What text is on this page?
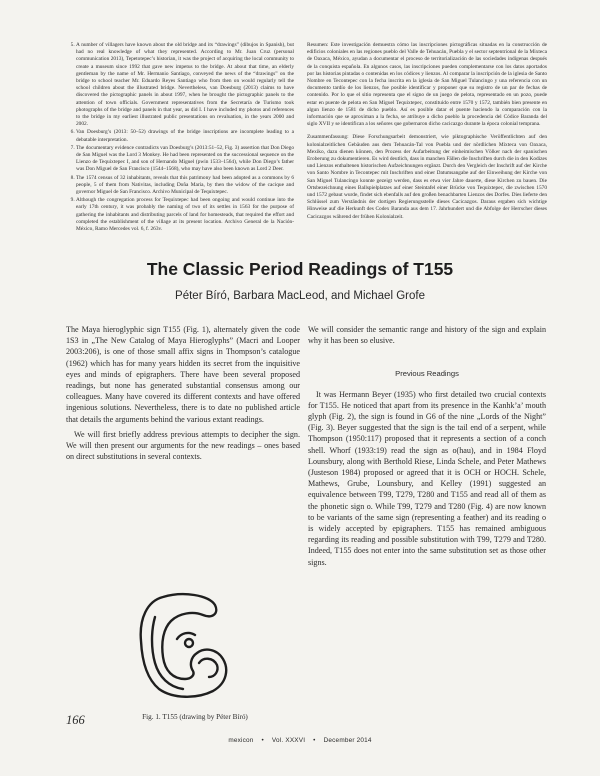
5. A number of villagers have known about the old bridge and its “drawings” (dibujos in Spanish), but had no real knowledge of what they represented. According to Mr. Juan Cruz (personal communication 2013), Tepetotepec’s historian, it was the project of acquiring the local community to create a museum since 1992 that gave new impetus to the bridge. At about that time, an elderly gentleman by the name of Mr. Hermanio Santiago, conveyed the news of the “drawings” on the bridge to school teacher Mr. Eduardo Reyes Santiago who from then on would regularly tell the school children about the illustrated bridge. Nevertheless, van Doesburg (2013) claims to have discovered the pictographic panels in about 1997, when he brought the pictographic panels to the attention of town officials. Government representatives from the Secretaría de Turismo took photographs of the bridge and panels in that year, as did I. I have included my photos and references to the bridge in my earliest illustrated public presentations on revaluation, in the years 2000 and 2002.
6. Van Doesburg’s (2013: 50–52) drawings of the bridge inscriptions are incomplete leading to a debatable interpretation.
7. The documentary evidence contradicts van Doesburg’s (2013:51–52, Fig. 3) assertion that Don Diego de San Miguel was the Lord 3 Monkey. He had been represented on the successional sequence on the Lienzo de Tequixtepec I, and son of Hernando Miguel (pwin 1533–1564), while Don Diego’s father was Don Miguel de San Francisco (1544–1568), who may have also been known as Lord 2 Deer.
8. The 1574 census of 32 inhabitants, reveals that this patrimony had been adopted as a commons by 6 people, 5 of them from Nativitas, including Doña Maria, by then the widow of the cacique and governor Miguel de San Francisco. Archivo Municipal de Tequixtepec.
9. Although the congregation process for Tequixtepec had been ongoing and would continue into the early 17th century, it was probably the naming of two of its settles in 1563 for the purpose of gathering the inhabitants and distributing parcels of land for homesteads, that required the effort and completed the establishment of the village at its present location. Archivo General de la Nación-México, Ramo Mercedes vol. 6, f. 263v.

Resumen: Este investigación demuestra cómo las inscripciones pictográficas situadas en la construcción de edificios coloniales en las regiones pueblo del Valle de Tehuacán, Puebla y el sector septentrional de la Mixteca de Oaxaca, México, ayudan a documentar el proceso de territorialización de las sociedades indígenas después de la conquista española. En algunos casos, las inscripciones pueden complementarse con los datos aportados por las historias pintadas o contenidas en los códices y lienzos. Al comparar la inscripción de la iglesia de Santo Nombre en Tecontepec con la fecha inscrita en la iglesia de San Miguel Tulancingo y una referencia con un documento tardío de los lienzos, fue posible identificar y proponer que su registro de un par de fechas de contenido. Por lo que el sitio representa que el signo de un juego de pelota, representado en un pozo, puede estar en puente de pelota en San Miguel Tequixtepec, constituido entre 1570 y 1572, también bien presente en algun lienzo de 1581 de dicho pueblo. Así es posible datar el puente haciendo la comparación con la información que se aproximan a la fecha, se atribuye a dicho pueblo la procedencia del Códice Baranda del siglo XVII y se identifican a los señores que gobernaron dicho cacicazgo durante la época colonial temprana.

Zusammenfassung: Diese Forschungsarbeit demonstriert, wie piktographische Veröffentlichten auf den kolonialzeitlichen Gebäuden aus dem Tehuacán-Tal von Puebla und der nördlichen Mixteca von Oaxaca, Mexiko, dazu dienen können, den Prozess der Aufarbeitung der einheimischen Völker nach der spanischen Eroberung zu dokumentieren. Es wird deutlich, dass in manchen Fällen die Inschriften durch die in den Kodizes und Lienzos enthaltenen historischen Aufzeichnungen ergänzt. Durch den Vergleich der Inschrift auf der Kirche von Santo Nombre in Tecontepec mit Inschriften und einer Datumsangabe auf der Einweihung der Kirche von San Miguel Tulancingo konnte gezeigt werden, dass es etwa vier Jahre dauerte, diese Kirchen zu bauen. Die Ortsbezeichnung eines Ballspielplatzes auf einer Steintafel einer Brücke von Tequixtepec, die zwischen 1570 und 1572 gebaut wurde, findet sich ebenfalls auf den großen benachbarten Lienzos des Dorfes. Dies lieferte den Schlüssel zum Verständnis der dortigen Regierungsstelle dieses Cacicazgos. Daraus ergaben sich wichtige Hinweise auf die Herkunft des Codex Baranda aus dem 17. Jahrhundert und die Abfolge der Herrscher dieses Cacicazgos während der frühen Kolonialzeit.

The Classic Period Readings of T155

Péter Bíró, Barbara MacLeod, and Michael Grofe

The Maya hieroglyphic sign T155 (Fig. 1), alternately given the code 1S3 in „The New Catalog of Maya Hieroglyphs” (Macri and Looper 2003:206), is one of those small affix signs in Thompson’s catalogue (1962) which has for many years hidden its secret from the inquisitive eyes and minds of epigraphers. There have been several proposed readings, but none has generated substantial consensus among our colleagues. Many have covered its different contexts and have offered ingenious solutions. Nevertheless, there is to date no published article that details the arguments behind the various extant readings.

We will first briefly address previous attempts to decipher the sign. We will then present our arguments for the new readings – ones based on direct substitutions in several contexts.

We will consider the semantic range and history of the sign and explain why it has been so elusive.

Previous Readings

It was Hermann Beyer (1935) who first detailed two crucial contexts for T155. He noticed that apart from its presence in the Kanhk’a’ mouth glyph (Fig. 2), the sign is found in G6 of the nine „Lords of the Night” (Fig. 3). Beyer suggested that the sign is the tail end of a serpent, while Thompson (1950:117) proposed that it represents a section of a conch shell. Whorf (1933:19) read the sign as o(hau), and in 1984 Floyd Lounsbury, along with Berthold Riese, Linda Schele, and Peter Mathews (Justeson 1984) proposed or agreed that it is OCH or HOCH. Schele, Mathews, Grube, Lounsbury, and Kelley (1991) suggested an equivalence between T99, T279, T280 and T155 and read all of them as the phonetic sign o. While T99, T279 and T280 (Fig. 4) are now known to be variants of the same sign (representing a feather) and its reading o is widely accepted by epigraphers. T155 has remained ambiguous regarding its reading and possible substitution with T99, T279 and T280. Indeed, T155 does not enter into the same substitution set as those other signs.

166	Fig. 1. T155 (drawing by Péter Bíró)

mexicon • Vol. XXXVI • December 2014
